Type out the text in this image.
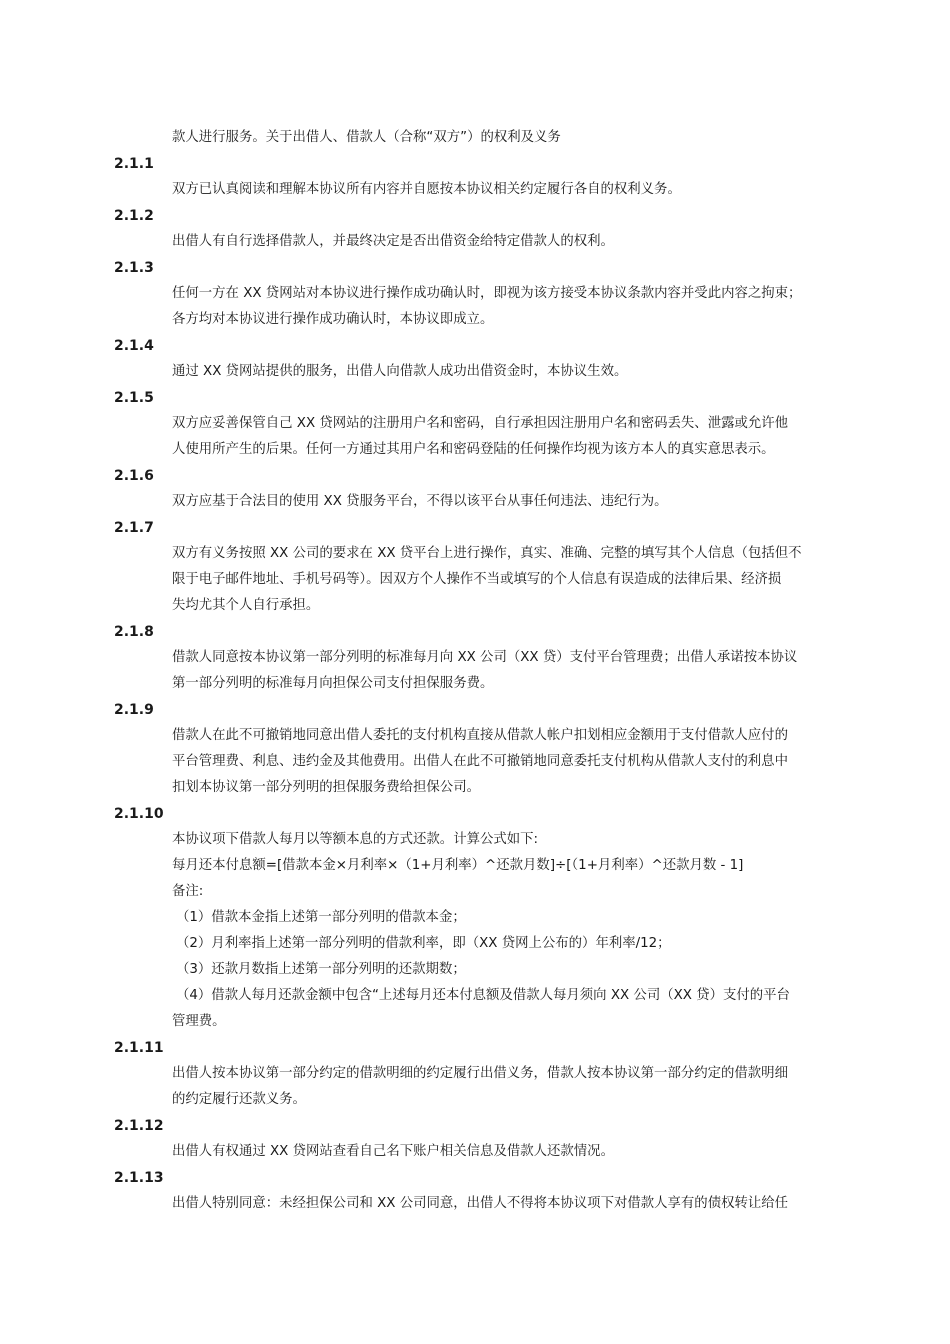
款人进行服务。关于出借人、借款人（合称“双方”）的权利及义务
2.1.1
双方已认真阅读和理解本协议所有内容并自愿按本协议相关约定履行各自的权利义务。
2.1.2
出借人有自行选择借款人，并最终决定是否出借资金给特定借款人的权利。
2.1.3
任何一方在 XX 贷网站对本协议进行操作成功确认时，即视为该方接受本协议条款内容并受此内容之拘束；
各方均对本协议进行操作成功确认时，本协议即成立。
2.1.4
通过 XX 贷网站提供的服务，出借人向借款人成功出借资金时，本协议生效。
2.1.5
双方应妥善保管自己 XX 贷网站的注册用户名和密码，自行承担因注册用户名和密码丢失、泄露或允许他
人使用所产生的后果。任何一方通过其用户名和密码登陆的任何操作均视为该方本人的真实意思表示。
2.1.6
双方应基于合法目的使用 XX 贷服务平台，不得以该平台从事任何违法、违纪行为。
2.1.7
双方有义务按照 XX 公司的要求在 XX 贷平台上进行操作，真实、准确、完整的填写其个人信息（包括但不
限于电子邮件地址、手机号码等）。因双方个人操作不当或填写的个人信息有误造成的法律后果、经济损
失均尤其个人自行承担。
2.1.8
借款人同意按本协议第一部分列明的标准每月向 XX 公司（XX 贷）支付平台管理费；出借人承诺按本协议
第一部分列明的标准每月向担保公司支付担保服务费。
2.1.9
借款人在此不可撤销地同意出借人委托的支付机构直接从借款人帐户扣划相应金额用于支付借款人应付的
平台管理费、利息、违约金及其他费用。出借人在此不可撤销地同意委托支付机构从借款人支付的利息中
扣划本协议第一部分列明的担保服务费给担保公司。
2.1.10
本协议项下借款人每月以等额本息的方式还款。计算公式如下:
每月还本付息额=[借款本金×月利率×（1+月利率）^还款月数]÷[（1+月利率）^还款月数 - 1]
备注:
（1）借款本金指上述第一部分列明的借款本金；
（2）月利率指上述第一部分列明的借款利率，即（XX 贷网上公布的）年利率/12；
（3）还款月数指上述第一部分列明的还款期数；
（4）借款人每月还款金额中包含“上述每月还本付息额及借款人每月须向 XX 公司（XX 贷）支付的平台
管理费。
2.1.11
出借人按本协议第一部分约定的借款明细的约定履行出借义务，借款人按本协议第一部分约定的借款明细
的约定履行还款义务。
2.1.12
出借人有权通过 XX 贷网站查看自己名下账户相关信息及借款人还款情况。
2.1.13
出借人特别同意：未经担保公司和 XX 公司同意，出借人不得将本协议项下对借款人享有的债权转让给任
